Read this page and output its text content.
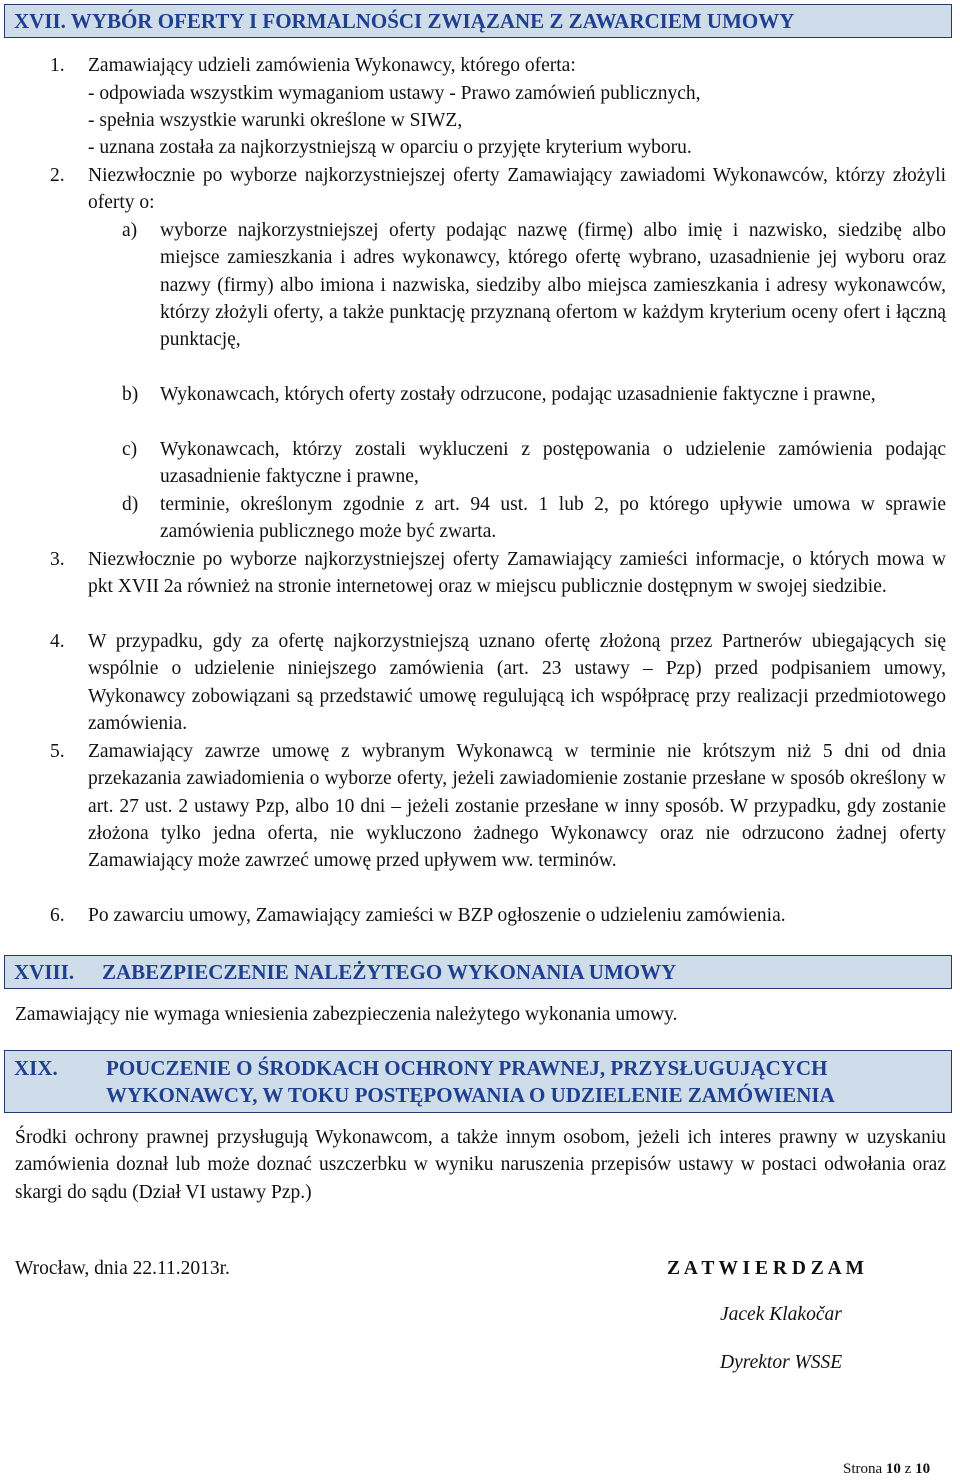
XVII. WYBÓR OFERTY I FORMALNOŚCI ZWIĄZANE Z ZAWARCIEM UMOWY
1. Zamawiający udzieli zamówienia Wykonawcy, którego oferta:
- odpowiada wszystkim wymaganiom ustawy - Prawo zamówień publicznych,
- spełnia wszystkie warunki określone w SIWZ,
- uznana została za najkorzystniejszą w oparciu o przyjęte kryterium wyboru.
2. Niezwłocznie po wyborze najkorzystniejszej oferty Zamawiający zawiadomi Wykonawców, którzy złożyli oferty o:

a) wyborze najkorzystniejszej oferty podając nazwę (firmę) albo imię i nazwisko, siedzibę albo miejsce zamieszkania i adres wykonawcy, którego ofertę wybrano, uzasadnienie jej wyboru oraz nazwy (firmy) albo imiona i nazwiska, siedziby albo miejsca zamieszkania i adresy wykonawców, którzy złożyli oferty, a także punktację przyznaną ofertom w każdym kryterium oceny ofert i łączną punktację,

b) Wykonawcach, których oferty zostały odrzucone, podając uzasadnienie faktyczne i prawne,

c) Wykonawcach, którzy zostali wykluczeni z postępowania o udzielenie zamówienia podając uzasadnienie faktyczne i prawne,

d) terminie, określonym zgodnie z art. 94 ust. 1 lub 2, po którego upływie umowa w sprawie zamówienia publicznego może być zwarta.

3. Niezwłocznie po wyborze najkorzystniejszej oferty Zamawiający zamieści informacje, o których mowa w pkt XVII 2a również na stronie internetowej oraz w miejscu publicznie dostępnym w swojej siedzibie.

4. W przypadku, gdy za ofertę najkorzystniejszą uznano ofertę złożoną przez Partnerów ubiegających się wspólnie o udzielenie niniejszego zamówienia (art. 23 ustawy – Pzp) przed podpisaniem umowy, Wykonawcy zobowiązani są przedstawić umowę regulującą ich współpracę przy realizacji przedmiotowego zamówienia.

5. Zamawiający zawrze umowę z wybranym Wykonawcą w terminie nie krótszym niż 5 dni od dnia przekazania zawiadomienia o wyborze oferty, jeżeli zawiadomienie zostanie przesłane w sposób określony w art. 27 ust. 2 ustawy Pzp, albo 10 dni – jeżeli zostanie przesłane w inny sposób. W przypadku, gdy zostanie złożona tylko jedna oferta, nie wykluczono żadnego Wykonawcy oraz nie odrzucono żadnej oferty Zamawiający może zawrzeć umowę przed upływem ww. terminów.

6. Po zawarciu umowy, Zamawiający zamieści w BZP ogłoszenie o udzieleniu zamówienia.
XVIII. ZABEZPIECZENIE NALEŻYTEGO WYKONANIA UMOWY
Zamawiający nie wymaga wniesienia zabezpieczenia należytego wykonania umowy.
XIX. POUCZENIE O ŚRODKACH OCHRONY PRAWNEJ, PRZYSŁUGUJĄCYCH
WYKONAWCY, W TOKU POSTĘPOWANIA O UDZIELENIE ZAMÓWIENIA

Środki ochrony prawnej przysługują Wykonawcom, a także innym osobom, jeżeli ich interes prawny w uzyskaniu zamówienia doznał lub może doznać uszczerbku w wyniku naruszenia przepisów ustawy w postaci odwołania oraz skargi do sądu (Dział VI ustawy Pzp.)

Wrocław, dnia 22.11.2013r.	Z A T W I E R D Z A M
Jacek Klakočar
Dyrektor WSSE
Strona 10 z 10
